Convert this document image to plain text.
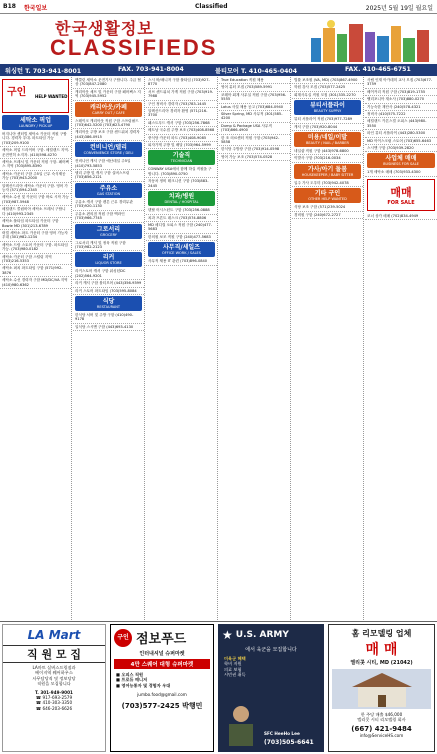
B18 한국일보	Classified	2025년 5월 19일 월요일
한국생활정보
CLASSIFIEDS
워싱턴 T. 703-941-8001	FAX. 703-941-8004	볼티모어 T. 410-465-0404	FAX. 410-465-6751
구인 HELP WANTED
세탁소 픽업
LAUNDRY / PICK-UP
버지니아 센터빌 세탁소 카운터 직원 구합니다. 경력자 우대. 파트타임 가능 (703)209-9100
세탁소 픽업 드라이버 구함. 메릴랜드 지역. 운전면허 소지자. (410)598-4270
세탁소 프레서 및 카운터 직원 구함. 페어팩스 지역 (703)895-8390
세탁소 카운터 구함 주5일 근무 숙식제공 가능 (703)943-2000
알렉산드리아 세탁소 카운터 구함. 영어 가능자 (571)594-2345
세탁소 수선 및 카운터 구함 바로 시작 가능 (703)987-5948
메릴랜드 콜럼비아 세탁소 프레서 구합니다 (410)993-2345
세탁소 풀타임 파트타임 카운터 구함 Bowie MD (301)213-6789
락빌 세탁소 파트 카운터 구함 영어 가능자 우대 (301)982-1234
세탁소 드랍 스토어 카운터 구함. 파트타임 가능. (703)980-0182
세탁소 카운터 구함 스털링 지역 (703)216-5353
세탁소 퍼치 파트타임 구함 (571)992-3876
세탁소 수선 경력자 구함 MD/DC/VA 지역 (410)980-6362
맥클린 세탁소 운전기사 구합니다. 주급 협상 (703)847-2080
캐리아웃 셰프 및 카운터 구함 페어팩스 지역 (703)945-5952
캐리아웃/카페
CARRY OUT / CAFE
스테이크 캐리아웃 직원 구함 스프링필드 (703)642-5200 (703)623-4790
캐리아웃 주방 보조 구함 샌드위치 경력자 (443)386-0915
컨비니언/델리
CONVENIENCE STORE / DELI
컨비니언 캐셔 구함 애난데일 주5일 (410)793-5853
델리 주방 및 캐셔 구함 실버스프링 (703)856-2121
주유소
GAS STATION
주유소 캐셔 구함 렌튼 근무 경력무관 (703)920-1130
주유소 편의점 직원 구함 맥라인 (703)966-7745
그로서리
GROCERY
그로서리 캐셔 및 정육 직원 구함 (703)982-2123
리커
LIQUOR STORE
리커스토어 캐셔 구함 워싱턴DC (202)564-9201
리커 캐셔 구함 볼티모어 (443)356-9399
리커 스토어 파트타임 (703)595-8084
식당
RESTAURANT
한식당 서버 및 주방 구함 (410)490-9178
일식당 스시맨 구함 (443)693-4130
스시 바/매니저 구함 풀타임 (703)927-8770
서브 샌드위치 가게 직원 구함 (703)919-7988
구인 정비사 경력자 (703)783-1445
알렉산드리아 경력자 환영 (571)216-3700
패스트푸드 캐셔 구함 (703)256-7868
베트남 국수집 주방 보조 (703)408-8568
중식당 카운터 파트 (703)408-9085
피자가게 주방 및 배달 (703)964-5999
기술직
TECHNICIAN
CONWAY USA에서 함께 하실 직원을 구합니다. (703)890-0750
자동차 정비 테크니션 구함 (703)883-2445
치과/병원
DENTAL / HOSPITAL
덴탈 어시스턴트 구함 (703)256-0888
치과 프론트 데스크 (703)574-8806
MD 메디컬 오피스 직원 구함 (240)477-5683
한의원 보조 직원 구함 (240)477-5683
사무직/세일즈
OFFICE WORK / SALES
사무직 채용 IT 관련 (703)896-0840
True Education 직원 채용
영어 튜터 모집 (703)589-5991
코레아 회계 사무실 직원 구함 (703)956-5555
Lotus 사설 채용 공고 (703)684-0940
Silver Spring, MD 사무직 (301)585-4200
Dump & Package USA 사무직 (703)866-4900
한 조 의료센터 직원 구함 (703)942-5858
한식당 주방장 구함 (703)914-0598
영어 가능 보조 (703)574-0528
법률 보조원 (VA, MD) (703)867-4900
학원 강사 모집 (703)577-2425
회계사무실 직원 모집 (301)335-2270
뷰티서플라이
BEAUTY SUPPLY
뷰티 서플라이 직원 (703)977-7289
캐셔 구함 (703)920-8044
미용/네일/이발
BEAUTY / NAIL / BARBER
네일샵 직원 구함 (443)978-6800
이발사 구함 (703)216-0034
가사/아기 돌봄
HOUSEKEEPER / BABY SITTER
입주 가사 도우미 (703)942-4078
기타 구인
OTHER HELP WANTED
식당 보조 구함 (571)239-5024
경비원 구함 (240)672-2727
사립 인재 아카데미 교사 모집 (703)677-3759
베이커리 직원 구함 (703)819-1755
팰리포니아 재소사 (703)880-0270
기능숙한 재단사 (240)578-4321
정비사 (410)575-7222
메릴랜드 카톤스빌 오피스 (443)980-3550
파인 뷰티 서플라이 (443)280-5300
MD 아이스크림 스토어 (703)655-6463
스시맨 구함 (703)939-2820
사업체 매매
BUSINESS FOR SALE
1개 세탁소 매매 (703)933-4300
매매
FOR SALE
코너 상가 매매 (702)834-4949
LA Mart
직 원 모 집
LA마트 실버스프링점과
베이지역 웨어하우스
사무담당직 및 정보당당
직원을 모집합니다
T. 301-949-9001
☎ 917-693-2579
☎ 410-303-3350
☎ 646-203-6626
구인 점보푸드
인터내셔널 슈퍼마켓
4만 스퀘어 대형 슈퍼마켓
■ 오피스 직원
■ 프로듀 매니저
■ 영어능통자 및 경험자 우대
jumbo.food@gmail.com
(703)577-2425 박행민
★ U.S. ARMY
에서 육군을 모집합니다
미육군 혜택
학비 지원
의료 보험
시민권 취득
SFC HeeHo Lee
(703)505-6641
홈 리모델링 업체
매 매
엘리콧 시티, MD (21042)
한 주당 매출 $46,000
엘리콧 시티 리모델링 회사
(667) 421-9484
info@ServiceHS.com
